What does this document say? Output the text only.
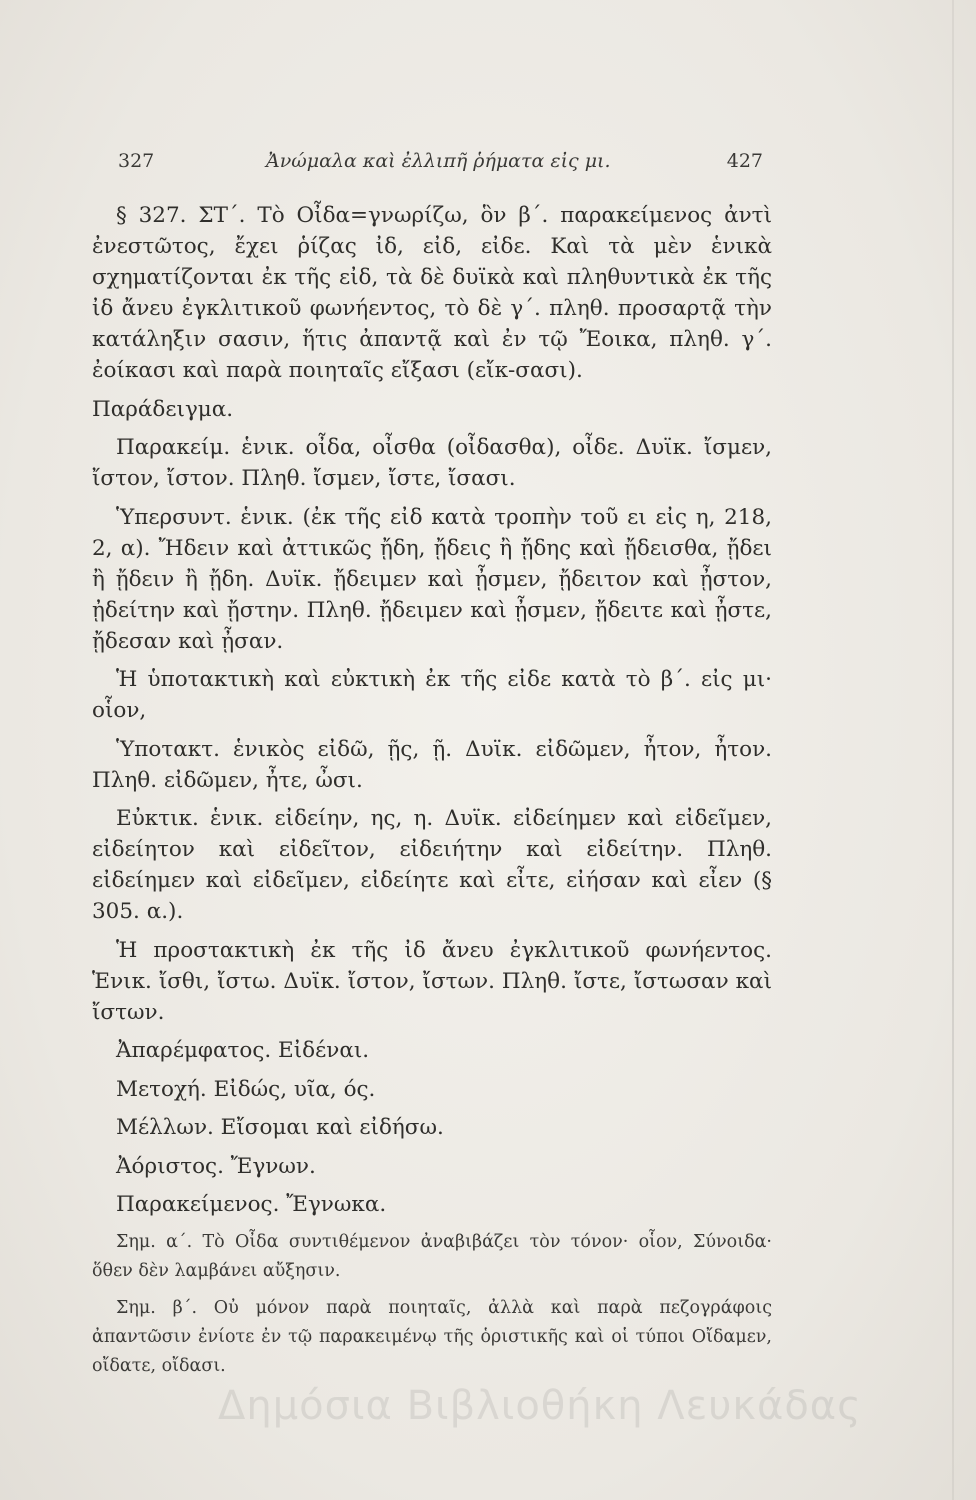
327	Ἀνώμαλα καὶ ἐλλιπῆ ῥήματα εἰς μι.	427

§ 327. ΣΤ΄. Τὸ Οἶδα=γνωρίζω, ὃν β΄. παρακείμενος ἀντὶ ἐνεστῶτος, ἔχει ῥίζας ἰδ, εἰδ, εἰδε. Καὶ τὰ μὲν ἑνικὰ σχηματίζονται ἐκ τῆς εἰδ, τὰ δὲ δυϊκὰ καὶ πληθυντικὰ ἐκ τῆς ἰδ ἄνευ ἐγκλιτικοῦ φωνήεντος, τὸ δὲ γ΄. πληθ. προσαρτᾷ τὴν κατάληξιν σασιν, ἥτις ἀπαντᾷ καὶ ἐν τῷ Ἔοικα, πληθ. γ΄. ἐοίκασι καὶ παρὰ ποιηταῖς εἴξασι (εἴκ-σασι).

Παράδειγμα.

Παρακείμ. ἑνικ. οἶδα, οἶσθα (οἶδασθα), οἶδε. Δυϊκ. ἴσμεν, ἴστον, ἴστον. Πληθ. ἴσμεν, ἴστε, ἴσασι.

Ὑπερσυντ. ἑνικ. (ἐκ τῆς εἰδ κατὰ τροπὴν τοῦ ει εἰς η, 218, 2, α). Ἤδειν καὶ ἀττικῶς ᾔδη, ᾔδεις ἢ ᾔδης καὶ ᾔδεισθα, ᾔδει ἢ ᾔδειν ἢ ᾔδη. Δυϊκ. ᾔδειμεν καὶ ᾖσμεν, ᾔδειτον καὶ ᾖστον, ᾐδείτην καὶ ᾔστην. Πληθ. ᾔδειμεν καὶ ᾖσμεν, ᾔδειτε καὶ ᾖστε, ᾔδεσαν καὶ ᾖσαν.

Ἡ ὑποτακτικὴ καὶ εὐκτικὴ ἐκ τῆς εἰδε κατὰ τὸ β΄. εἰς μι· οἷον,

Ὑποτακτ. ἑνικὸς εἰδῶ, ῇς, ῇ. Δυϊκ. εἰδῶμεν, ἦτον, ἦτον. Πληθ. εἰδῶμεν, ἦτε, ὦσι.

Εὐκτικ. ἑνικ. εἰδείην, ης, η. Δυϊκ. εἰδείημεν καὶ εἰδεῖμεν, εἰδείητον καὶ εἰδεῖτον, εἰδειήτην καὶ εἰδείτην. Πληθ. εἰδείημεν καὶ εἰδεῖμεν, εἰδείητε καὶ εἶτε, εἰήσαν καὶ εἶεν (§ 305. α.).

Ἡ προστακτικὴ ἐκ τῆς ἰδ ἄνευ ἐγκλιτικοῦ φωνήεντος. Ἑνικ. ἴσθι, ἴστω. Δυϊκ. ἴστον, ἴστων. Πληθ. ἴστε, ἴστωσαν καὶ ἴστων.

Ἀπαρέμφατος. Εἰδέναι.

Μετοχή. Εἰδώς, υῖα, ός.

Μέλλων. Εἴσομαι καὶ εἰδήσω.

Ἀόριστος. Ἔγνων.

Παρακείμενος. Ἔγνωκα.

Σημ. α΄. Τὸ Οἶδα συντιθέμενον ἀναβιβάζει τὸν τόνον· οἷον, Σύνοιδα· ὅθεν δὲν λαμβάνει αὔξησιν.

Σημ. β΄. Οὐ μόνον παρὰ ποιηταῖς, ἀλλὰ καὶ παρὰ πεζογράφοις ἀπαντῶσιν ἐνίοτε ἐν τῷ παρακειμένῳ τῆς ὁριστικῆς καὶ οἱ τύποι Οἴδαμεν, οἴδατε, οἴδασι.

Δημόσια Βιβλιοθήκη Λευκάδας
